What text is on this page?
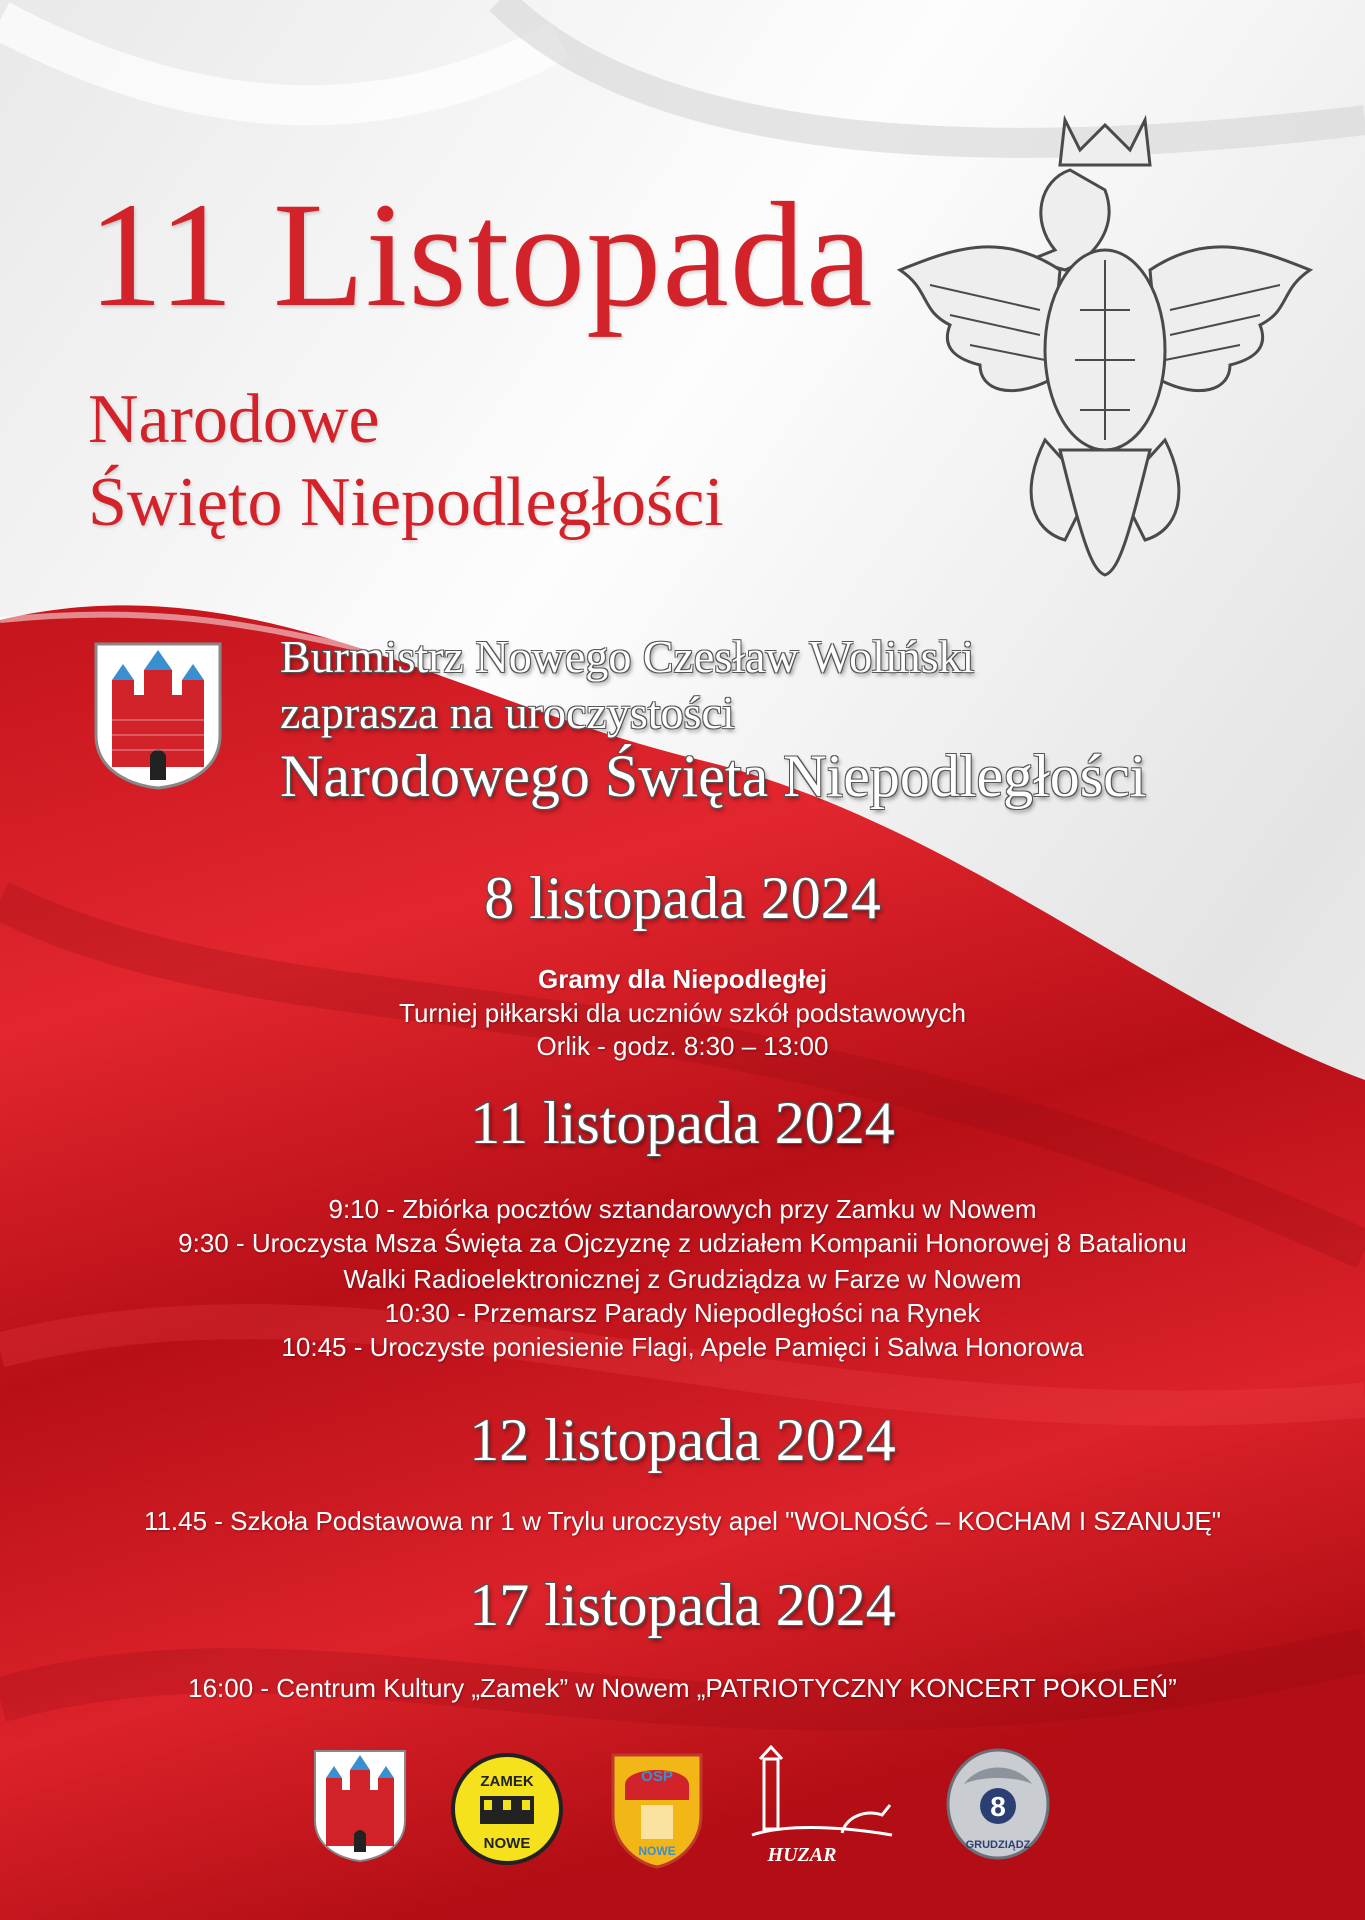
11 Listopada
Narodowe
Święto Niepodległości
Burmistrz Nowego Czesław Woliński
zaprasza na uroczystości
Narodowego Święta Niepodległości
8 listopada 2024
Gramy dla Niepodległej
Turniej piłkarski dla uczniów szkół podstawowych
Orlik - godz. 8:30 – 13:00
11 listopada 2024
9:10 - Zbiórka pocztów sztandarowych przy Zamku w Nowem
9:30 - Uroczysta Msza Święta za Ojczyznę z udziałem Kompanii Honorowej 8 Batalionu
Walki Radioelektronicznej z Grudziądza w Farze w Nowem
10:30 - Przemarsz Parady Niepodległości na Rynek
10:45 - Uroczyste poniesienie Flagi, Apele Pamięci i Salwa Honorowa
12 listopada 2024
11.45 - Szkoła Podstawowa nr 1 w Trylu uroczysty apel "WOLNOŚĆ – KOCHAM I SZANUJĘ"
17 listopada 2024
16:00 - Centrum Kultury „Zamek” w Nowem „PATRIOTYCZNY KONCERT POKOLEŃ”
ZAMEK
NOWE
OSP
NOWE	HUZAR
8
GRUDZIĄDZ
